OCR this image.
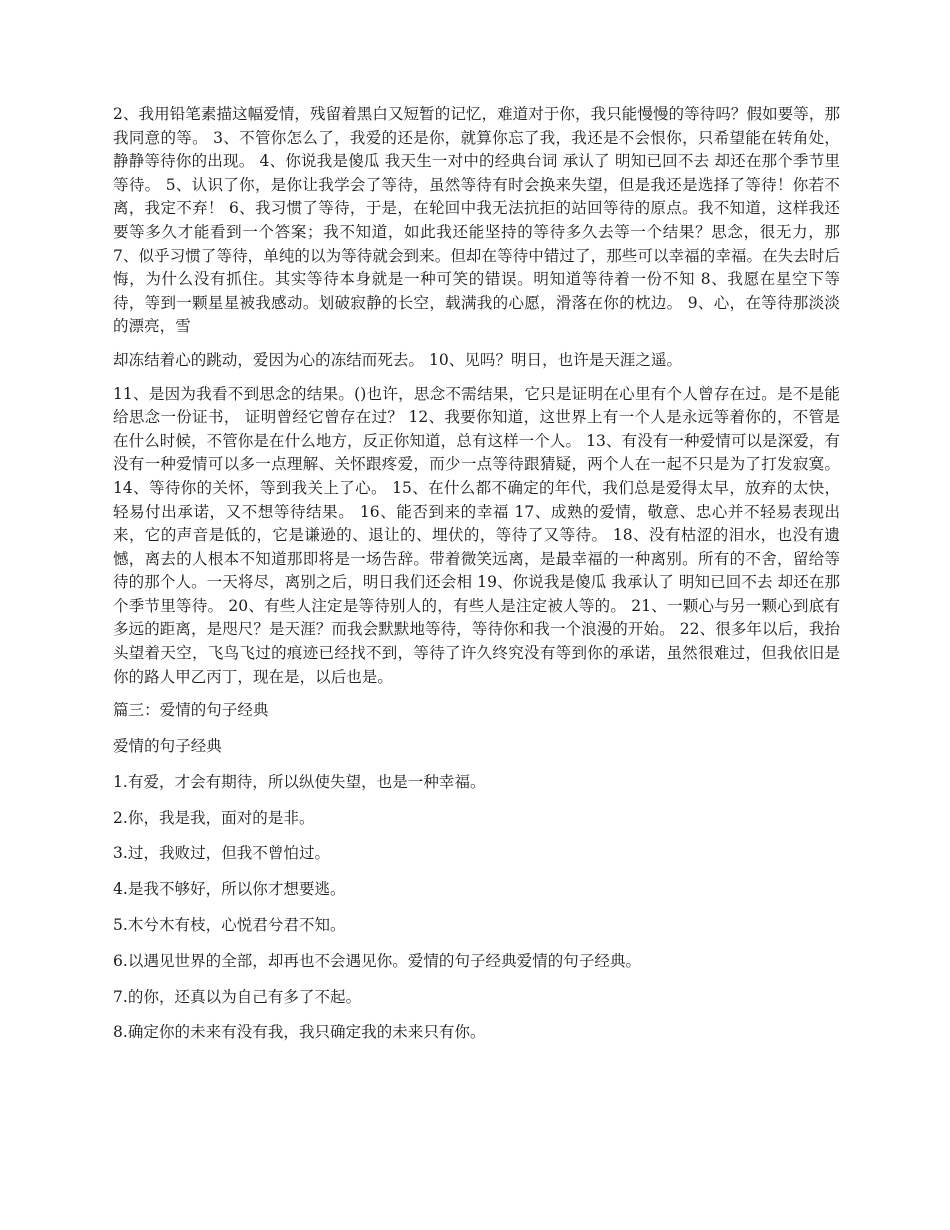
2、我用铅笔素描这幅爱情，残留着黑白又短暂的记忆，难道对于你，我只能慢慢的等待吗？假如要等，那我同意的等。 3、不管你怎么了，我爱的还是你，就算你忘了我，我还是不会恨你，只希望能在转角处，静静等待你的出现。 4、你说我是傻瓜 我天生一对中的经典台词 承认了 明知已回不去 却还在那个季节里等待。 5、认识了你，是你让我学会了等待，虽然等待有时会换来失望，但是我还是选择了等待！你若不离，我定不弃！ 6、我习惯了等待，于是，在轮回中我无法抗拒的站回等待的原点。我不知道，这样我还要等多久才能看到一个答案；我不知道，如此我还能坚持的等待多久去等一个结果？思念，很无力，那 7、似乎习惯了等待，单纯的以为等待就会到来。但却在等待中错过了，那些可以幸福的幸福。在失去时后悔，为什么没有抓住。其实等待本身就是一种可笑的错误。明知道等待着一份不知 8、我愿在星空下等待，等到一颗星星被我感动。划破寂静的长空，载满我的心愿，滑落在你的枕边。 9、心，在等待那淡淡的漂亮，雪

却冻结着心的跳动，爱因为心的冻结而死去。 10、见吗？明日，也许是天涯之遥。

11、是因为我看不到思念的结果。()也许，思念不需结果，它只是证明在心里有个人曾存在过。是不是能给思念一份证书， 证明曾经它曾存在过？ 12、我要你知道，这世界上有一个人是永远等着你的，不管是在什么时候，不管你是在什么地方，反正你知道，总有这样一个人。 13、有没有一种爱情可以是深爱，有没有一种爱情可以多一点理解、关怀跟疼爱，而少一点等待跟猜疑，两个人在一起不只是为了打发寂寞。 14、等待你的关怀，等到我关上了心。 15、在什么都不确定的年代，我们总是爱得太早，放弃的太快，轻易付出承诺，又不想等待结果。 16、能否到来的幸福 17、成熟的爱情，敬意、忠心并不轻易表现出来，它的声音是低的，它是谦逊的、退让的、埋伏的，等待了又等待。 18、没有枯涩的泪水，也没有遗憾，离去的人根本不知道那即将是一场告辞。带着微笑远离，是最幸福的一种离别。所有的不舍，留给等待的那个人。一天将尽，离别之后，明日我们还会相 19、你说我是傻瓜 我承认了 明知已回不去 却还在那个季节里等待。 20、有些人注定是等待别人的，有些人是注定被人等的。 21、一颗心与另一颗心到底有多远的距离，是咫尺？是天涯？而我会默默地等待，等待你和我一个浪漫的开始。 22、很多年以后，我抬头望着天空，飞鸟飞过的痕迹已经找不到，等待了许久终究没有等到你的承诺，虽然很难过，但我依旧是你的路人甲乙丙丁，现在是，以后也是。

篇三：爱情的句子经典

爱情的句子经典

1.有爱，才会有期待，所以纵使失望，也是一种幸福。

2.你，我是我，面对的是非。

3.过，我败过，但我不曾怕过。

4.是我不够好，所以你才想要逃。

5.木兮木有枝，心悦君兮君不知。

6.以遇见世界的全部，却再也不会遇见你。爱情的句子经典爱情的句子经典。

7.的你，还真以为自己有多了不起。

8.确定你的未来有没有我，我只确定我的未来只有你。
